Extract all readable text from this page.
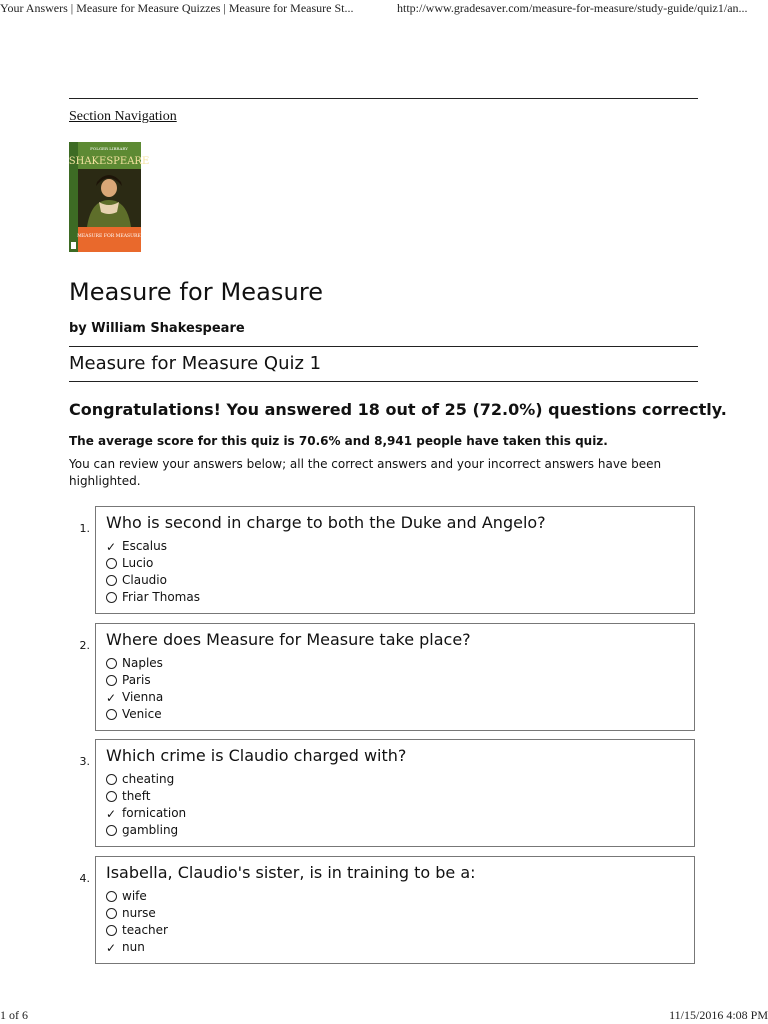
Your Answers | Measure for Measure Quizzes | Measure for Measure St...	http://www.gradesaver.com/measure-for-measure/study-guide/quiz1/an...
Section Navigation
FOLGER LIBRARY
SHAKESPEARE
MEASURE FOR MEASURE
Measure for Measure
by William Shakespeare
Measure for Measure Quiz 1
Congratulations! You answered 18 out of 25 (72.0%) questions correctly.
The average score for this quiz is 70.6% and 8,941 people have taken this quiz.
You can review your answers below; all the correct answers and your incorrect answers have been highlighted.
1. Who is second in charge to both the Duke and Angelo?
✓ Escalus
Lucio
Claudio
Friar Thomas
2. Where does Measure for Measure take place?
Naples
Paris
✓ Vienna
Venice
3. Which crime is Claudio charged with?
cheating
theft
✓ fornication
gambling
4. Isabella, Claudio's sister, is in training to be a:
wife
nurse
teacher
✓ nun
1 of 6	11/15/2016 4:08 PM
